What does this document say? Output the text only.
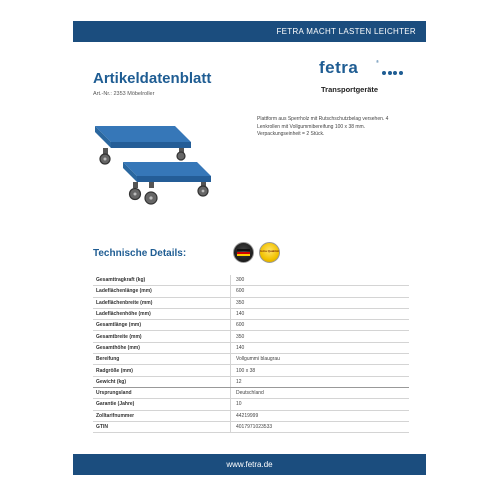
FETRA MACHT LASTEN LEICHTER
Artikeldatenblatt
Art.-Nr.: 2353 Möbelroller
fetra	®
Transportgeräte
Plattform aus Sperrholz mit Rutschschutzbelag versehen. 4
Lenkrollen mit Vollgummibereifung 100 x 38 mm.
Verpackungseinheit = 2 Stück.
Technische Details:	fetra Qualität
Gesamttragkraft (kg)	300
Ladeflächenlänge (mm)	600
Ladeflächenbreite (mm)	350
Ladeflächenhöhe (mm)	140
Gesamtlänge (mm)	600
Gesamtbreite (mm)	350
Gesamthöhe (mm)	140
Bereifung	Vollgummi blaugrau
Radgröße (mm)	100 x 38
Gewicht (kg)	12
Ursprungsland	Deutschland
Garantie (Jahre)	10
Zolltarifnummer	44219999
GTIN	4017971023533
www.fetra.de
